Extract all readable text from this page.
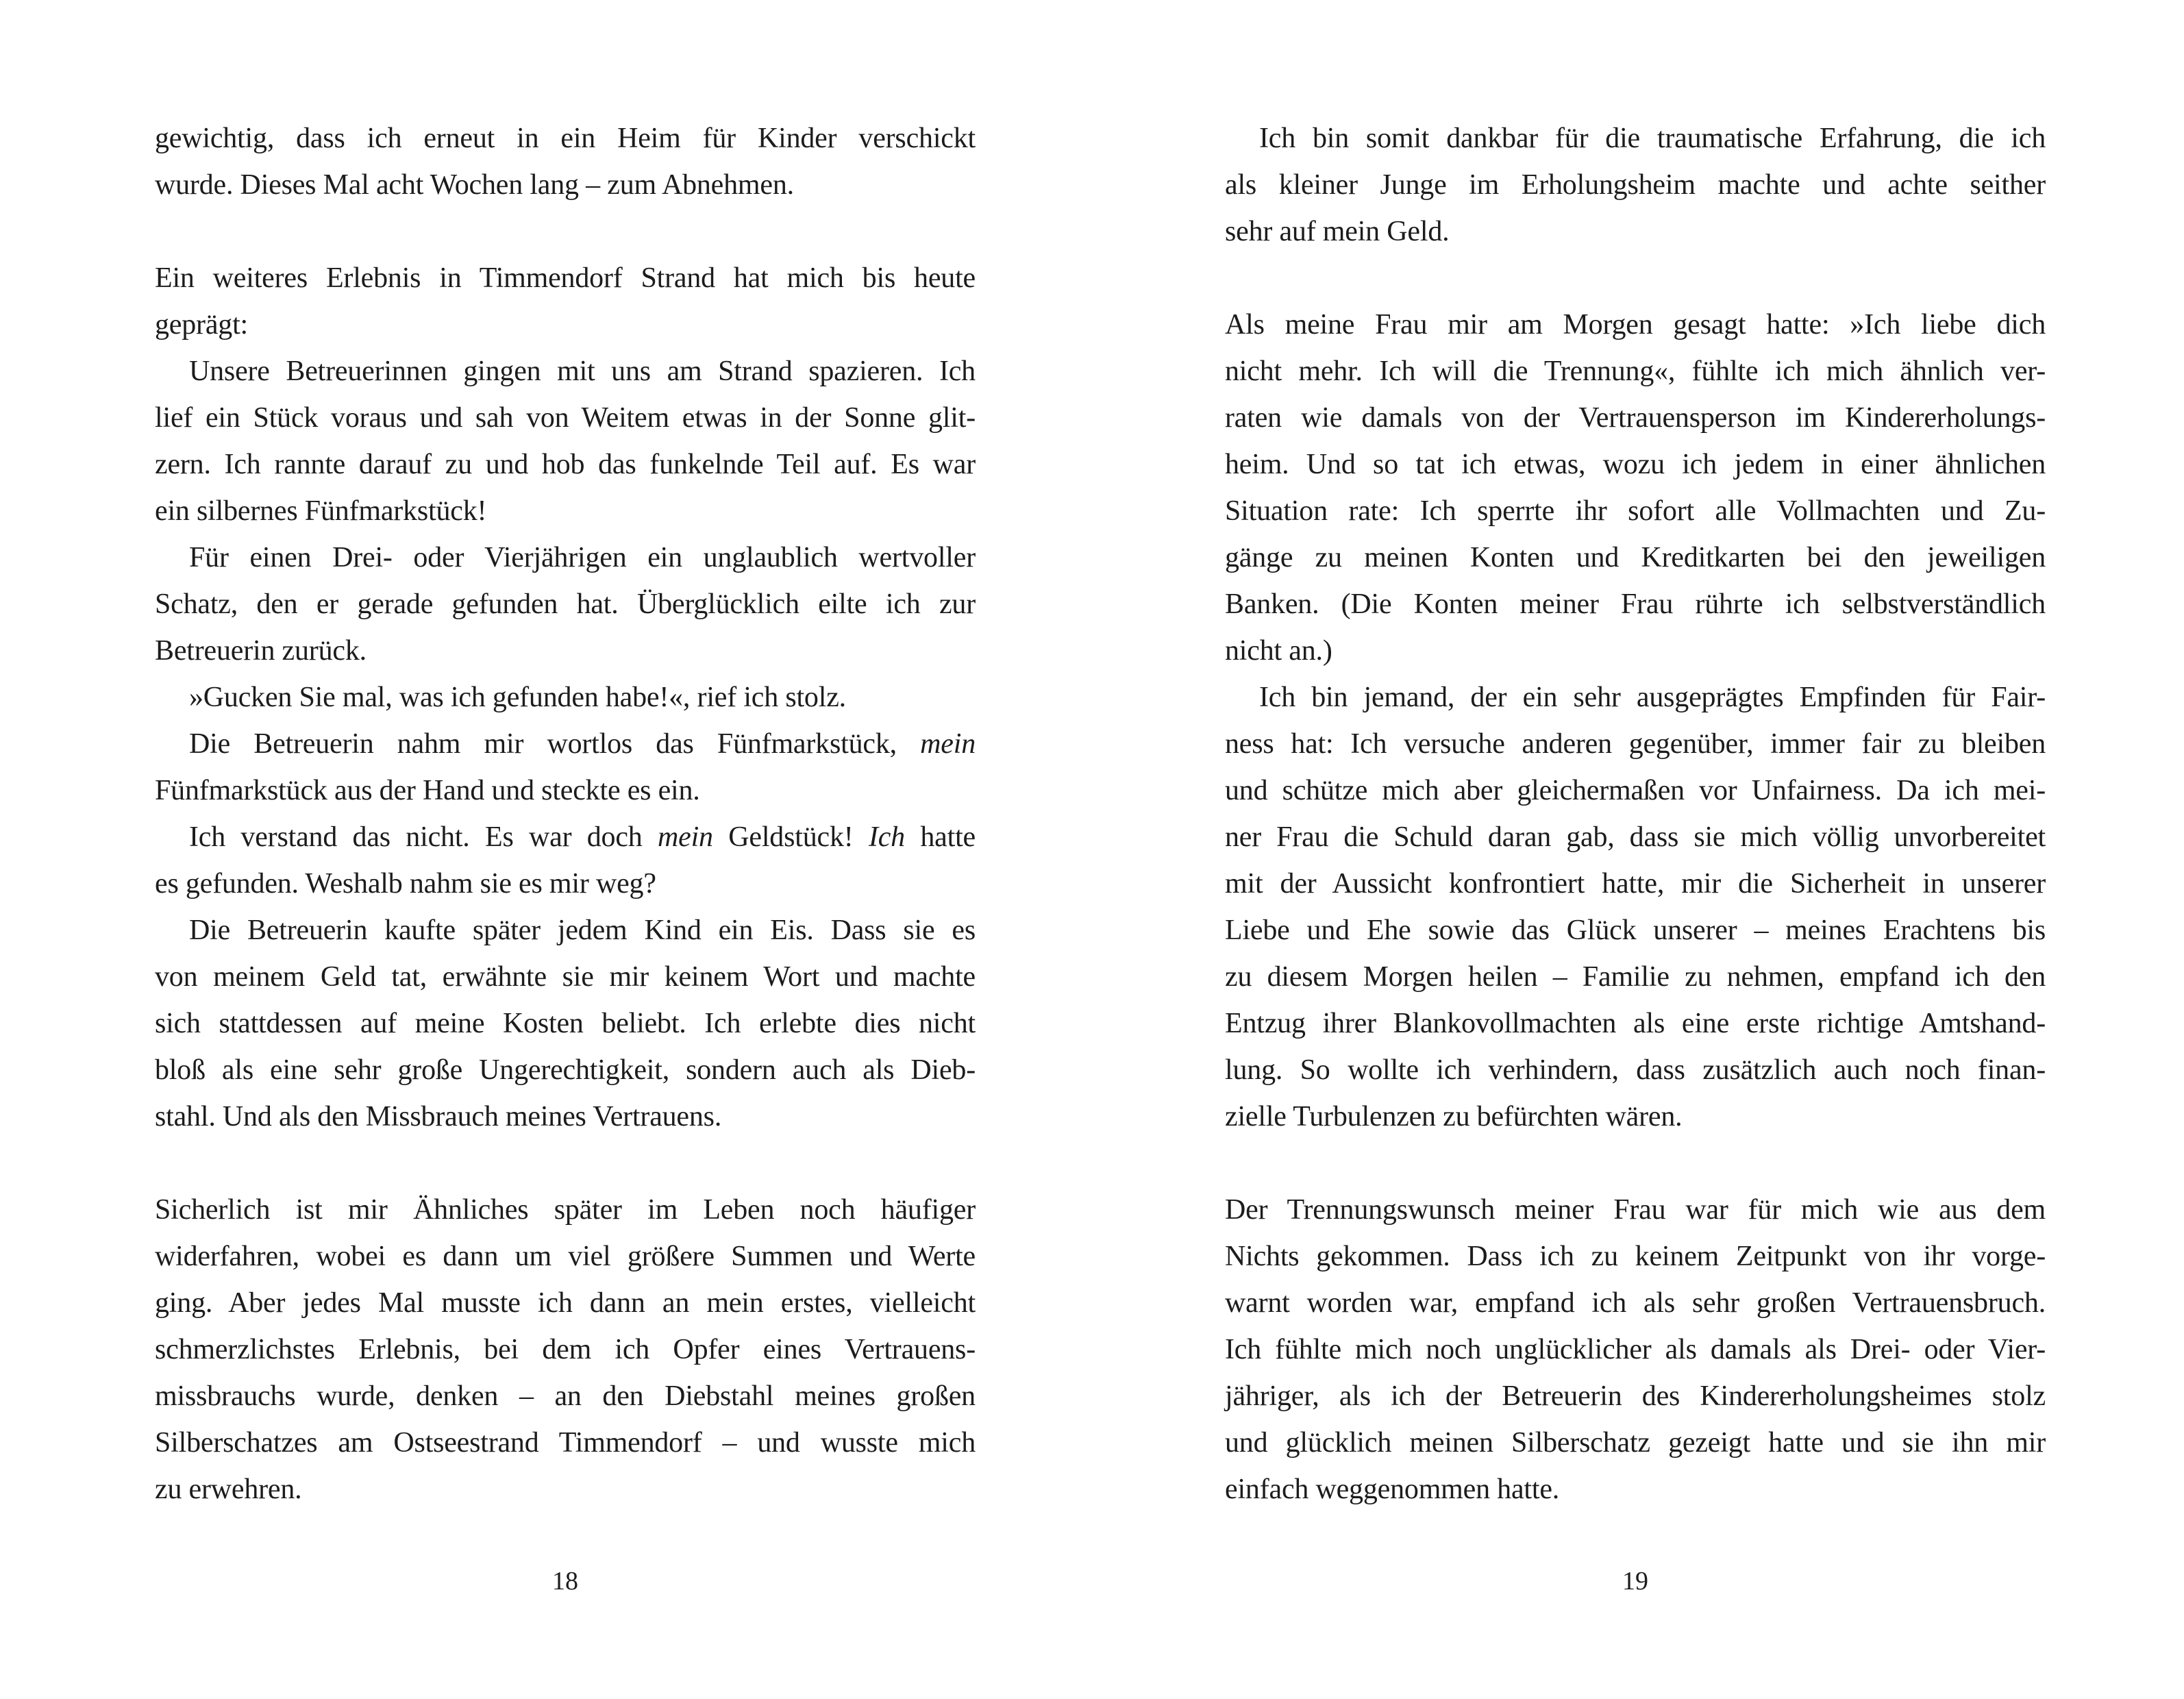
gewichtig, dass ich erneut in ein Heim für Kinder verschickt
wurde. Dieses Mal acht Wochen lang – zum Abnehmen.
Ein weiteres Erlebnis in Timmendorf Strand hat mich bis heute
geprägt:
Unsere Betreuerinnen gingen mit uns am Strand spazieren. Ich
lief ein Stück voraus und sah von Weitem etwas in der Sonne glit-
zern. Ich rannte darauf zu und hob das funkelnde Teil auf. Es war
ein silbernes Fünfmarkstück!
Für einen Drei- oder Vierjährigen ein unglaublich wertvoller
Schatz, den er gerade gefunden hat. Überglücklich eilte ich zur
Betreuerin zurück.
»Gucken Sie mal, was ich gefunden habe!«, rief ich stolz.
Die Betreuerin nahm mir wortlos das Fünfmarkstück, mein
Fünfmarkstück aus der Hand und steckte es ein.
Ich verstand das nicht. Es war doch mein Geldstück! Ich hatte
es gefunden. Weshalb nahm sie es mir weg?
Die Betreuerin kaufte später jedem Kind ein Eis. Dass sie es
von meinem Geld tat, erwähnte sie mir keinem Wort und machte
sich stattdessen auf meine Kosten beliebt. Ich erlebte dies nicht
bloß als eine sehr große Ungerechtigkeit, sondern auch als Dieb-
stahl. Und als den Missbrauch meines Vertrauens.
Sicherlich ist mir Ähnliches später im Leben noch häufiger
widerfahren, wobei es dann um viel größere Summen und Werte
ging. Aber jedes Mal musste ich dann an mein erstes, vielleicht
schmerzlichstes Erlebnis, bei dem ich Opfer eines Vertrauens-
missbrauchs wurde, denken – an den Diebstahl meines großen
Silberschatzes am Ostseestrand Timmendorf – und wusste mich
zu erwehren.
18
Ich bin somit dankbar für die traumatische Erfahrung, die ich
als kleiner Junge im Erholungsheim machte und achte seither
sehr auf mein Geld.
Als meine Frau mir am Morgen gesagt hatte: »Ich liebe dich
nicht mehr. Ich will die Trennung«, fühlte ich mich ähnlich ver-
raten wie damals von der Vertrauensperson im Kindererholungs-
heim. Und so tat ich etwas, wozu ich jedem in einer ähnlichen
Situation rate: Ich sperrte ihr sofort alle Vollmachten und Zu-
gänge zu meinen Konten und Kreditkarten bei den jeweiligen
Banken. (Die Konten meiner Frau rührte ich selbstverständlich
nicht an.)
Ich bin jemand, der ein sehr ausgeprägtes Empfinden für Fair-
ness hat: Ich versuche anderen gegenüber, immer fair zu bleiben
und schütze mich aber gleichermaßen vor Unfairness. Da ich mei-
ner Frau die Schuld daran gab, dass sie mich völlig unvorbereitet
mit der Aussicht konfrontiert hatte, mir die Sicherheit in unserer
Liebe und Ehe sowie das Glück unserer – meines Erachtens bis
zu diesem Morgen heilen – Familie zu nehmen, empfand ich den
Entzug ihrer Blankovollmachten als eine erste richtige Amtshand-
lung. So wollte ich verhindern, dass zusätzlich auch noch finan-
zielle Turbulenzen zu befürchten wären.
Der Trennungswunsch meiner Frau war für mich wie aus dem
Nichts gekommen. Dass ich zu keinem Zeitpunkt von ihr vorge-
warnt worden war, empfand ich als sehr großen Vertrauensbruch.
Ich fühlte mich noch unglücklicher als damals als Drei- oder Vier-
jähriger, als ich der Betreuerin des Kindererholungsheimes stolz
und glücklich meinen Silberschatz gezeigt hatte und sie ihn mir
einfach weggenommen hatte.
19
